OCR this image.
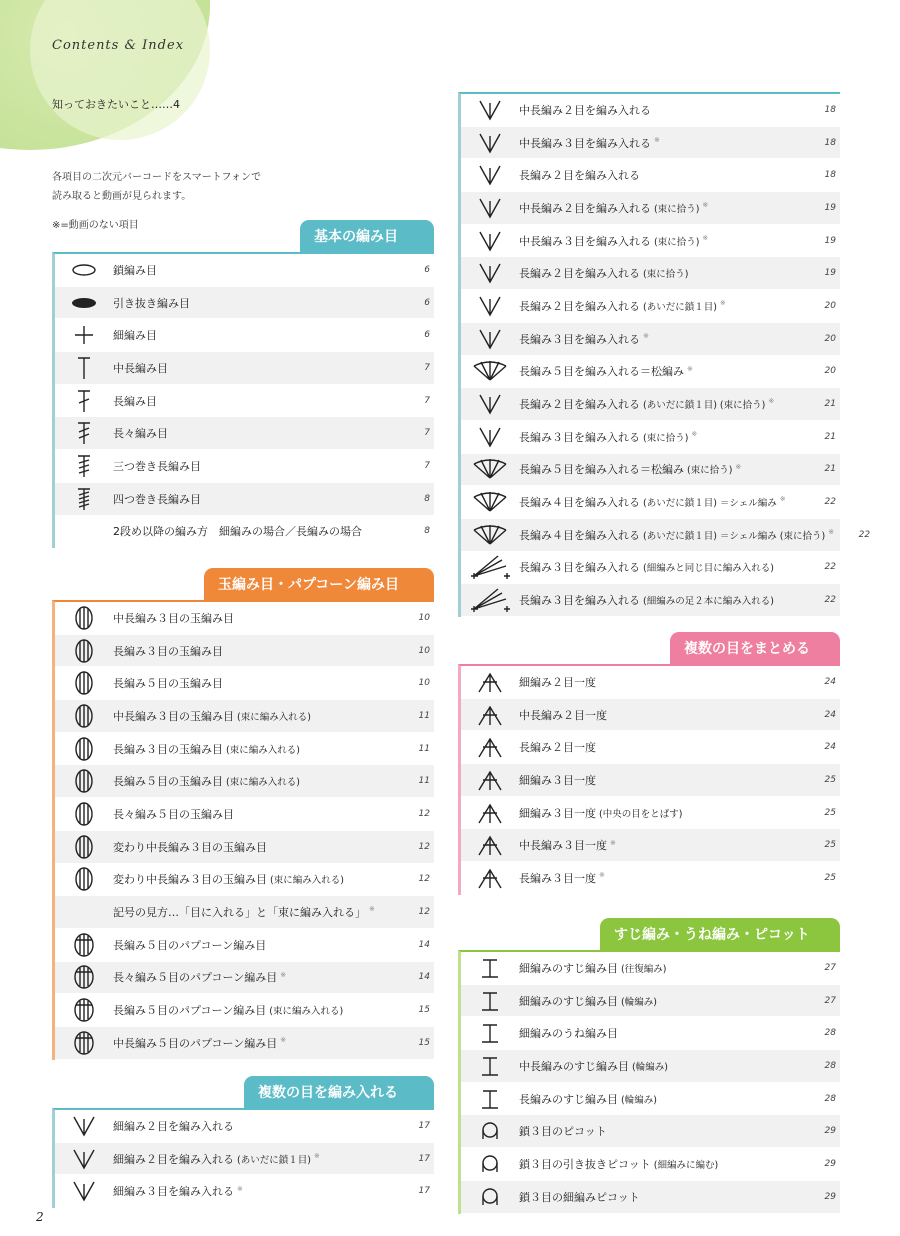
Contents & Index
知っておきたいこと……4
各項目の二次元バーコードをスマートフォンで
読み取ると動画が見られます。
※=動画のない項目
基本の編み目
鎖編み目	6
引き抜き編み目	6
細編み目	6
中長編み目	7
長編み目	7
長々編み目	7
三つ巻き長編み目	7
四つ巻き長編み目	8
2段め以降の編み方　細編みの場合／長編みの場合	8
玉編み目・パプコーン編み目
中長編み３目の玉編み目	10
長編み３目の玉編み目	10
長編み５目の玉編み目	10
中長編み３目の玉編み目 (束に編み入れる)	11
長編み３目の玉編み目 (束に編み入れる)	11
長編み５目の玉編み目 (束に編み入れる)	11
長々編み５目の玉編み目	12
変わり中長編み３目の玉編み目	12
変わり中長編み３目の玉編み目 (束に編み入れる)	12
記号の見方…「目に入れる」と「束に編み入れる」 ※	12
長編み５目のパプコーン編み目	14
長々編み５目のパプコーン編み目 ※	14
長編み５目のパプコーン編み目 (束に編み入れる)	15
中長編み５目のパプコーン編み目 ※	15
複数の目を編み入れる
細編み２目を編み入れる	17
細編み２目を編み入れる (あいだに鎖１目) ※	17
細編み３目を編み入れる ※	17
中長編み２目を編み入れる	18
中長編み３目を編み入れる ※	18
長編み２目を編み入れる	18
中長編み２目を編み入れる (束に拾う) ※	19
中長編み３目を編み入れる (束に拾う) ※	19
長編み２目を編み入れる (束に拾う)	19
長編み２目を編み入れる (あいだに鎖１目) ※	20
長編み３目を編み入れる ※	20
長編み５目を編み入れる＝松編み ※	20
長編み２目を編み入れる (あいだに鎖１目) (束に拾う) ※	21
長編み３目を編み入れる (束に拾う) ※	21
長編み５目を編み入れる＝松編み (束に拾う) ※	21
長編み４目を編み入れる (あいだに鎖１目) ＝シェル編み ※	22
長編み４目を編み入れる (あいだに鎖１目) ＝シェル編み (束に拾う) ※	22
長編み３目を編み入れる (細編みと同じ目に編み入れる)	22
長編み３目を編み入れる (細編みの足２本に編み入れる)	22
複数の目をまとめる
細編み２目一度	24
中長編み２目一度	24
長編み２目一度	24
細編み３目一度	25
細編み３目一度 (中央の目をとばす)	25
中長編み３目一度 ※	25
長編み３目一度 ※	25
すじ編み・うね編み・ピコット
細編みのすじ編み目 (往復編み)	27
細編みのすじ編み目 (輪編み)	27
細編みのうね編み目	28
中長編みのすじ編み目 (輪編み)	28
長編みのすじ編み目 (輪編み)	28
鎖３目のピコット	29
鎖３目の引き抜きピコット (細編みに編む)	29
鎖３目の細編みピコット	29
2
